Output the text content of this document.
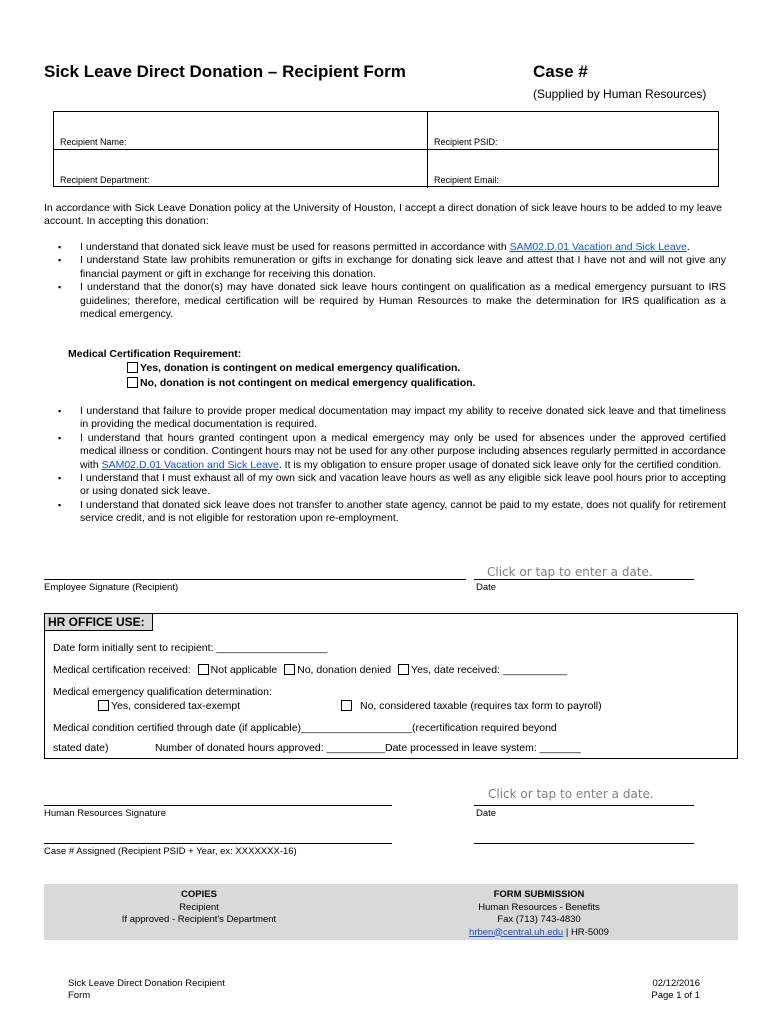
Sick Leave Direct Donation – Recipient Form	Case #
(Supplied by Human Resources)
Recipient Name:	Recipient PSID:
Recipient Department:	Recipient Email:
In accordance with Sick Leave Donation policy at the University of Houston, I accept a direct donation of sick leave hours to be added to my leave account. In accepting this donation:
▪ I understand that donated sick leave must be used for reasons permitted in accordance with SAM02.D.01 Vacation and Sick Leave.
▪ I understand State law prohibits remuneration or gifts in exchange for donating sick leave and attest that I have not and will not give any financial payment or gift in exchange for receiving this donation.
▪ I understand that the donor(s) may have donated sick leave hours contingent on qualification as a medical emergency pursuant to IRS guidelines; therefore, medical certification will be required by Human Resources to make the determination for IRS qualification as a medical emergency.
Medical Certification Requirement:
Yes, donation is contingent on medical emergency qualification.
No, donation is not contingent on medical emergency qualification.
▪ I understand that failure to provide proper medical documentation may impact my ability to receive donated sick leave and that timeliness in providing the medical documentation is required.
▪ I understand that hours granted contingent upon a medical emergency may only be used for absences under the approved certified medical illness or condition. Contingent hours may not be used for any other purpose including absences regularly permitted in accordance with SAM02.D.01 Vacation and Sick Leave. It is my obligation to ensure proper usage of donated sick leave only for the certified condition.
▪ I understand that I must exhaust all of my own sick and vacation leave hours as well as any eligible sick leave pool hours prior to accepting or using donated sick leave.
▪ I understand that donated sick leave does not transfer to another state agency, cannot be paid to my estate, does not qualify for retirement service credit, and is not eligible for restoration upon re-employment.
Click or tap to enter a date.
Employee Signature (Recipient)	Date
HR OFFICE USE:
Date form initially sent to recipient: ___________________
Medical certification received: Not applicable No, donation denied Yes, date received: ___________
Medical emergency qualification determination:
Yes, considered tax-exempt	No, considered taxable (requires tax form to payroll)
Medical condition certified through date (if applicable)___________________(recertification required beyond
stated date)	Number of donated hours approved: __________Date processed in leave system: _______
Click or tap to enter a date.
Human Resources Signature	Date
Case # Assigned (Recipient PSID + Year, ex: XXXXXXX-16)
COPIES
Recipient
If approved - Recipient's Department
FORM SUBMISSION
Human Resources - Benefits
Fax (713) 743-4830
hrben@central.uh.edu | HR-5009
Sick Leave Direct Donation Recipient
Form
02/12/2016
Page 1 of 1
